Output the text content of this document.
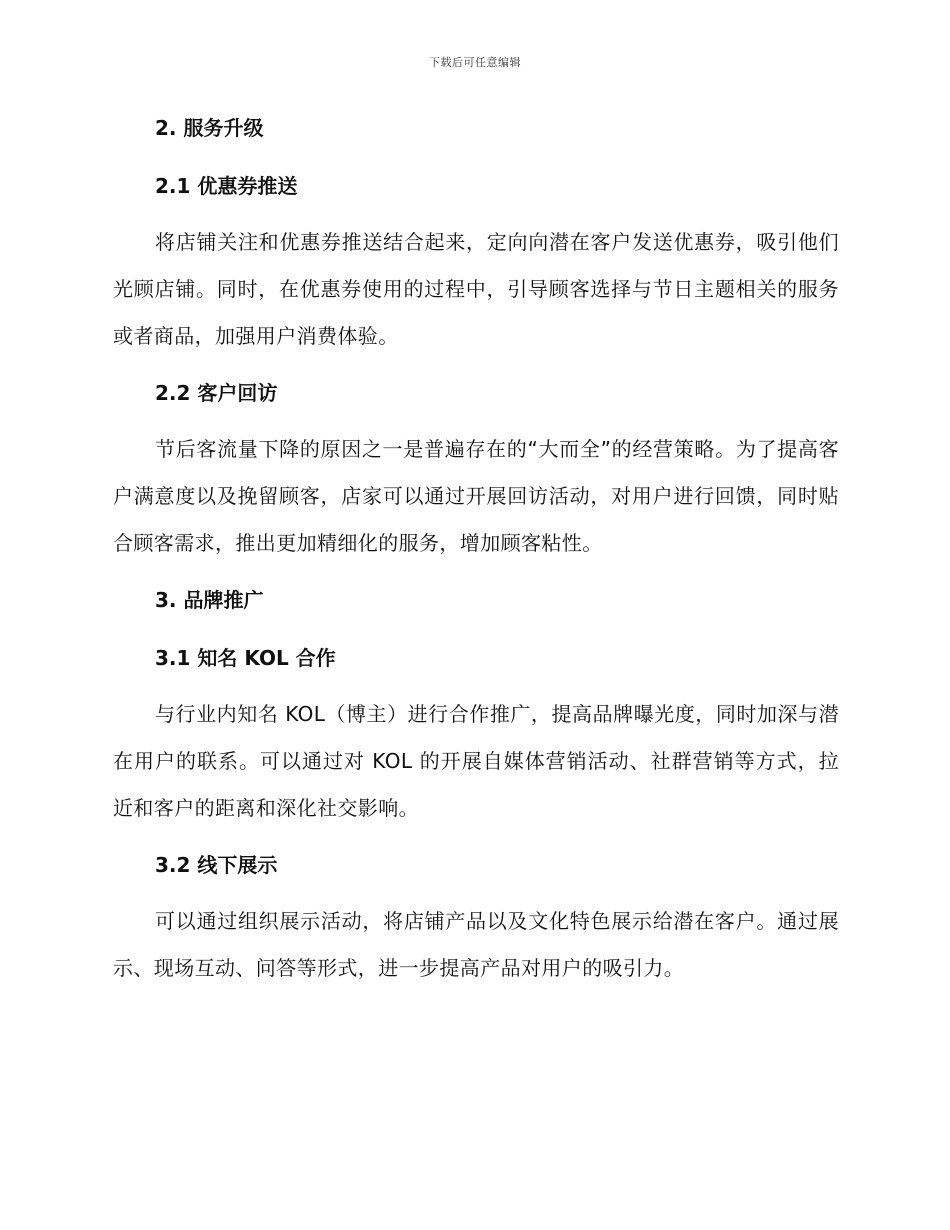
下载后可任意编辑
2. 服务升级
2.1 优惠券推送

将店铺关注和优惠券推送结合起来，定向向潜在客户发送优惠券，吸引他们光顾店铺。同时，在优惠券使用的过程中，引导顾客选择与节日主题相关的服务或者商品，加强用户消费体验。

2.2 客户回访

节后客流量下降的原因之一是普遍存在的“大而全”的经营策略。为了提高客户满意度以及挽留顾客，店家可以通过开展回访活动，对用户进行回馈，同时贴合顾客需求，推出更加精细化的服务，增加顾客粘性。

3. 品牌推广
3.1 知名 KOL 合作

与行业内知名 KOL（博主）进行合作推广，提高品牌曝光度，同时加深与潜在用户的联系。可以通过对 KOL 的开展自媒体营销活动、社群营销等方式，拉近和客户的距离和深化社交影响。

3.2 线下展示

可以通过组织展示活动，将店铺产品以及文化特色展示给潜在客户。通过展示、现场互动、问答等形式，进一步提高产品对用户的吸引力。
